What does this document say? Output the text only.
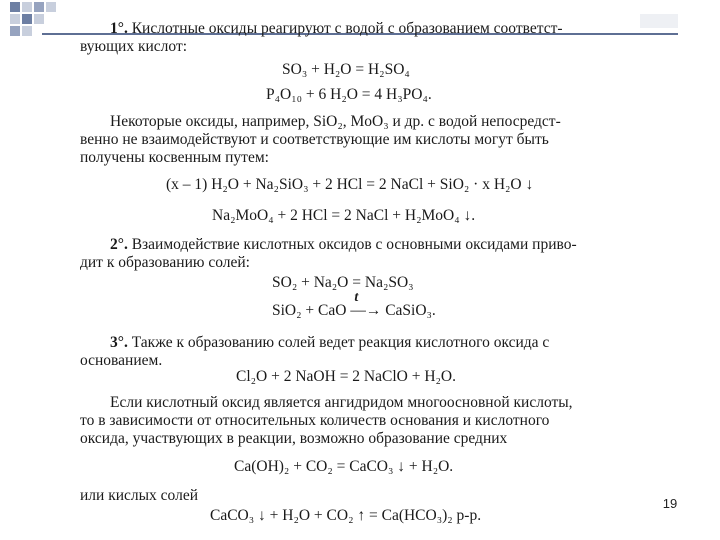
1°. Кислотные оксиды реагируют с водой с образованием соответст-
вующих кислот:
SO₃ + H₂O = H₂SO₄
P₄O₁₀ + 6 H₂O = 4 H₃PO₄.
Некоторые оксиды, например, SiO₂, MoO₃ и др. с водой непосредст-
венно не взаимодействуют и соответствующие им кислоты могут быть
получены косвенным путем:
(x – 1) H₂O + Na₂SiO₃ + 2 HCl = 2 NaCl + SiO₂ · x H₂O ↓
Na₂MoO₄ + 2 HCl = 2 NaCl + H₂MoO₄ ↓.
2°. Взаимодействие кислотных оксидов с основными оксидами приво-
дит к образованию солей:
SO₂ + Na₂O = Na₂SO₃
SiO₂ + CaO
t
―→ CaSiO₃.
3°. Также к образованию солей ведет реакция кислотного оксида с
основанием.
Cl₂O + 2 NaOH = 2 NaClO + H₂O.
Если кислотный оксид является ангидридом многоосновной кислоты,
то в зависимости от относительных количеств основания и кислотного
оксида, участвующих в реакции, возможно образование средних
Ca(OH)₂ + CO₂ = CaCO₃ ↓ + H₂O.
или кислых солей
CaCO₃ ↓ + H₂O + CO₂ ↑ = Ca(HCO₃)₂ р-р.
19
